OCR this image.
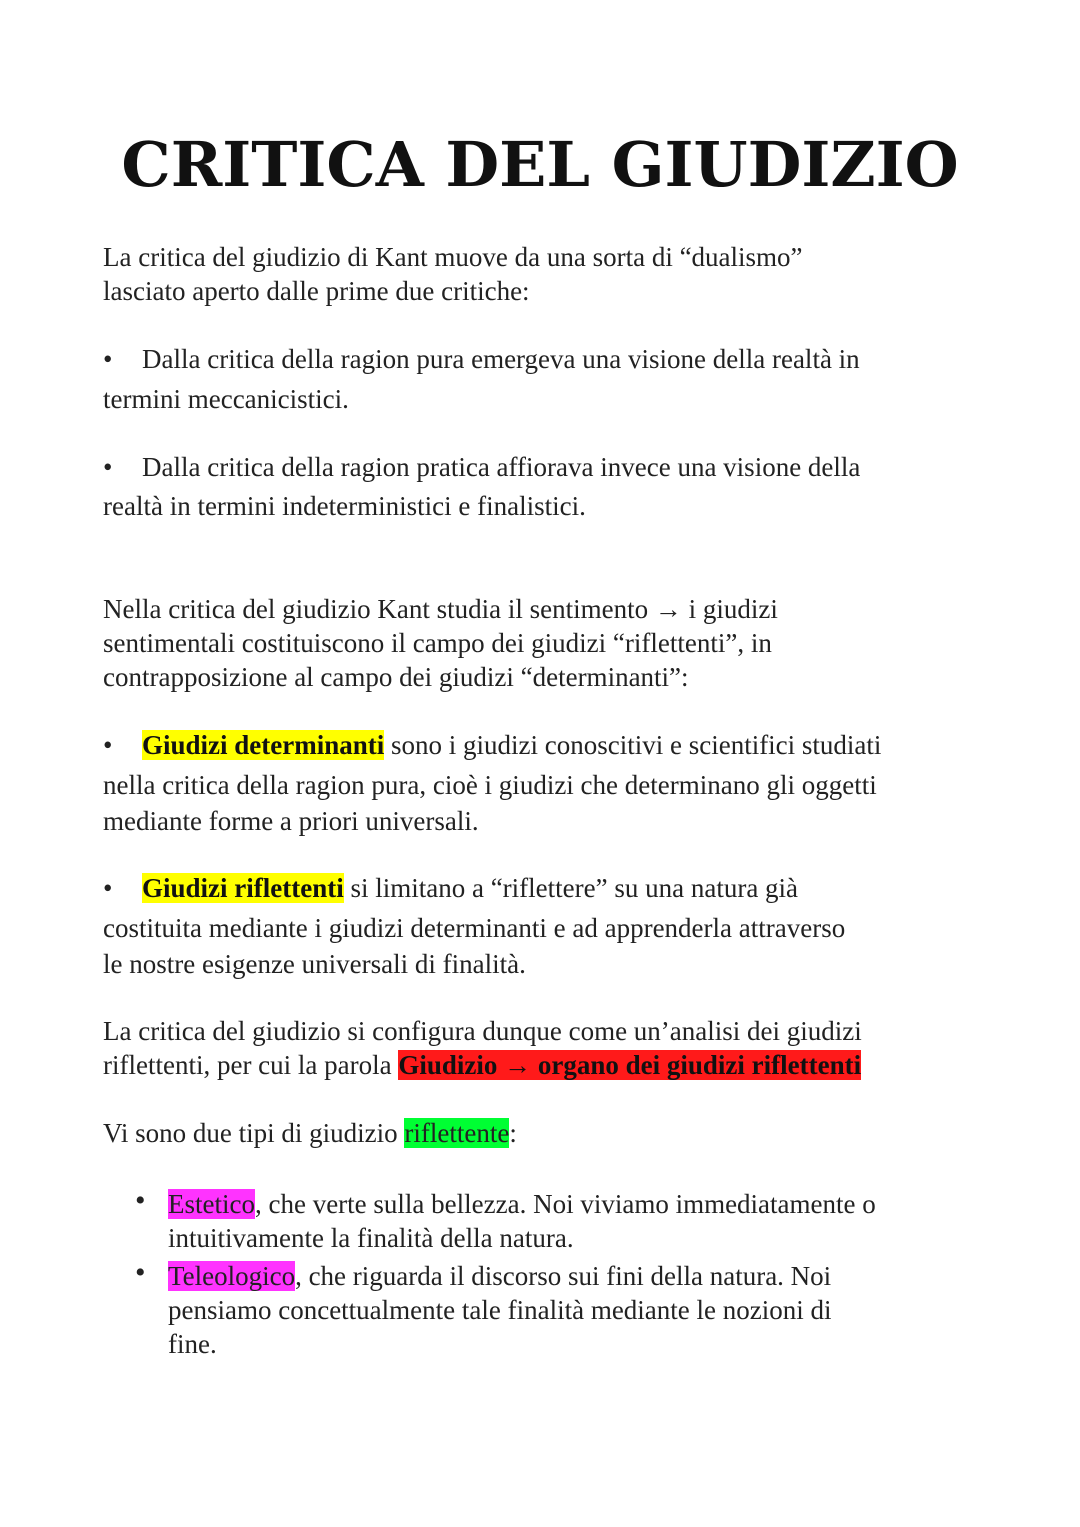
CRITICA DEL GIUDIZIO
La critica del giudizio di Kant muove da una sorta di “dualismo”
lasciato aperto dalle prime due critiche:
• Dalla critica della ragion pura emergeva una visione della realtà in
termini meccanicistici.
• Dalla critica della ragion pratica affiorava invece una visione della
realtà in termini indeterministici e finalistici.
Nella critica del giudizio Kant studia il sentimento → i giudizi
sentimentali costituiscono il campo dei giudizi “riflettenti”, in
contrapposizione al campo dei giudizi “determinanti”:
• Giudizi determinanti sono i giudizi conoscitivi e scientifici studiati
nella critica della ragion pura, cioè i giudizi che determinano gli oggetti
mediante forme a priori universali.
• Giudizi riflettenti si limitano a “riflettere” su una natura già
costituita mediante i giudizi determinanti e ad apprenderla attraverso
le nostre esigenze universali di finalità.
La critica del giudizio si configura dunque come un’analisi dei giudizi
riflettenti, per cui la parola Giudizio → organo dei giudizi riflettenti
Vi sono due tipi di giudizio riflettente:
• Estetico, che verte sulla bellezza. Noi viviamo immediatamente o
intuitivamente la finalità della natura.
• Teleologico, che riguarda il discorso sui fini della natura. Noi
pensiamo concettualmente tale finalità mediante le nozioni di
fine.
